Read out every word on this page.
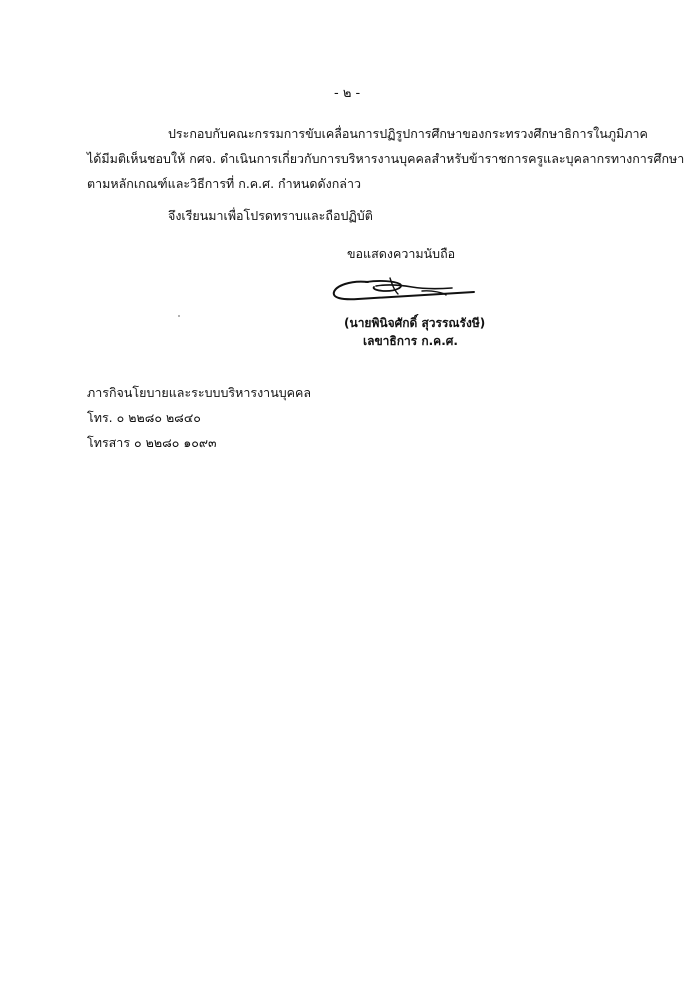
- ๒ -
ประกอบกับคณะกรรมการขับเคลื่อนการปฏิรูปการศึกษาของกระทรวงศึกษาธิการในภูมิภาค
ได้มีมติเห็นชอบให้ กศจ. ดำเนินการเกี่ยวกับการบริหารงานบุคคลสำหรับข้าราชการครูและบุคลากรทางการศึกษา
ตามหลักเกณฑ์และวิธีการที่ ก.ค.ศ. กำหนดดังกล่าว
จึงเรียนมาเพื่อโปรดทราบและถือปฏิบัติ
ขอแสดงความนับถือ
(นายพินิจศักดิ์ สุวรรณรังษี)
เลขาธิการ ก.ค.ศ.
ภารกิจนโยบายและระบบบริหารงานบุคคล
โทร. ๐ ๒๒๘๐ ๒๘๔๐
โทรสาร ๐ ๒๒๘๐ ๑๐๙๓
